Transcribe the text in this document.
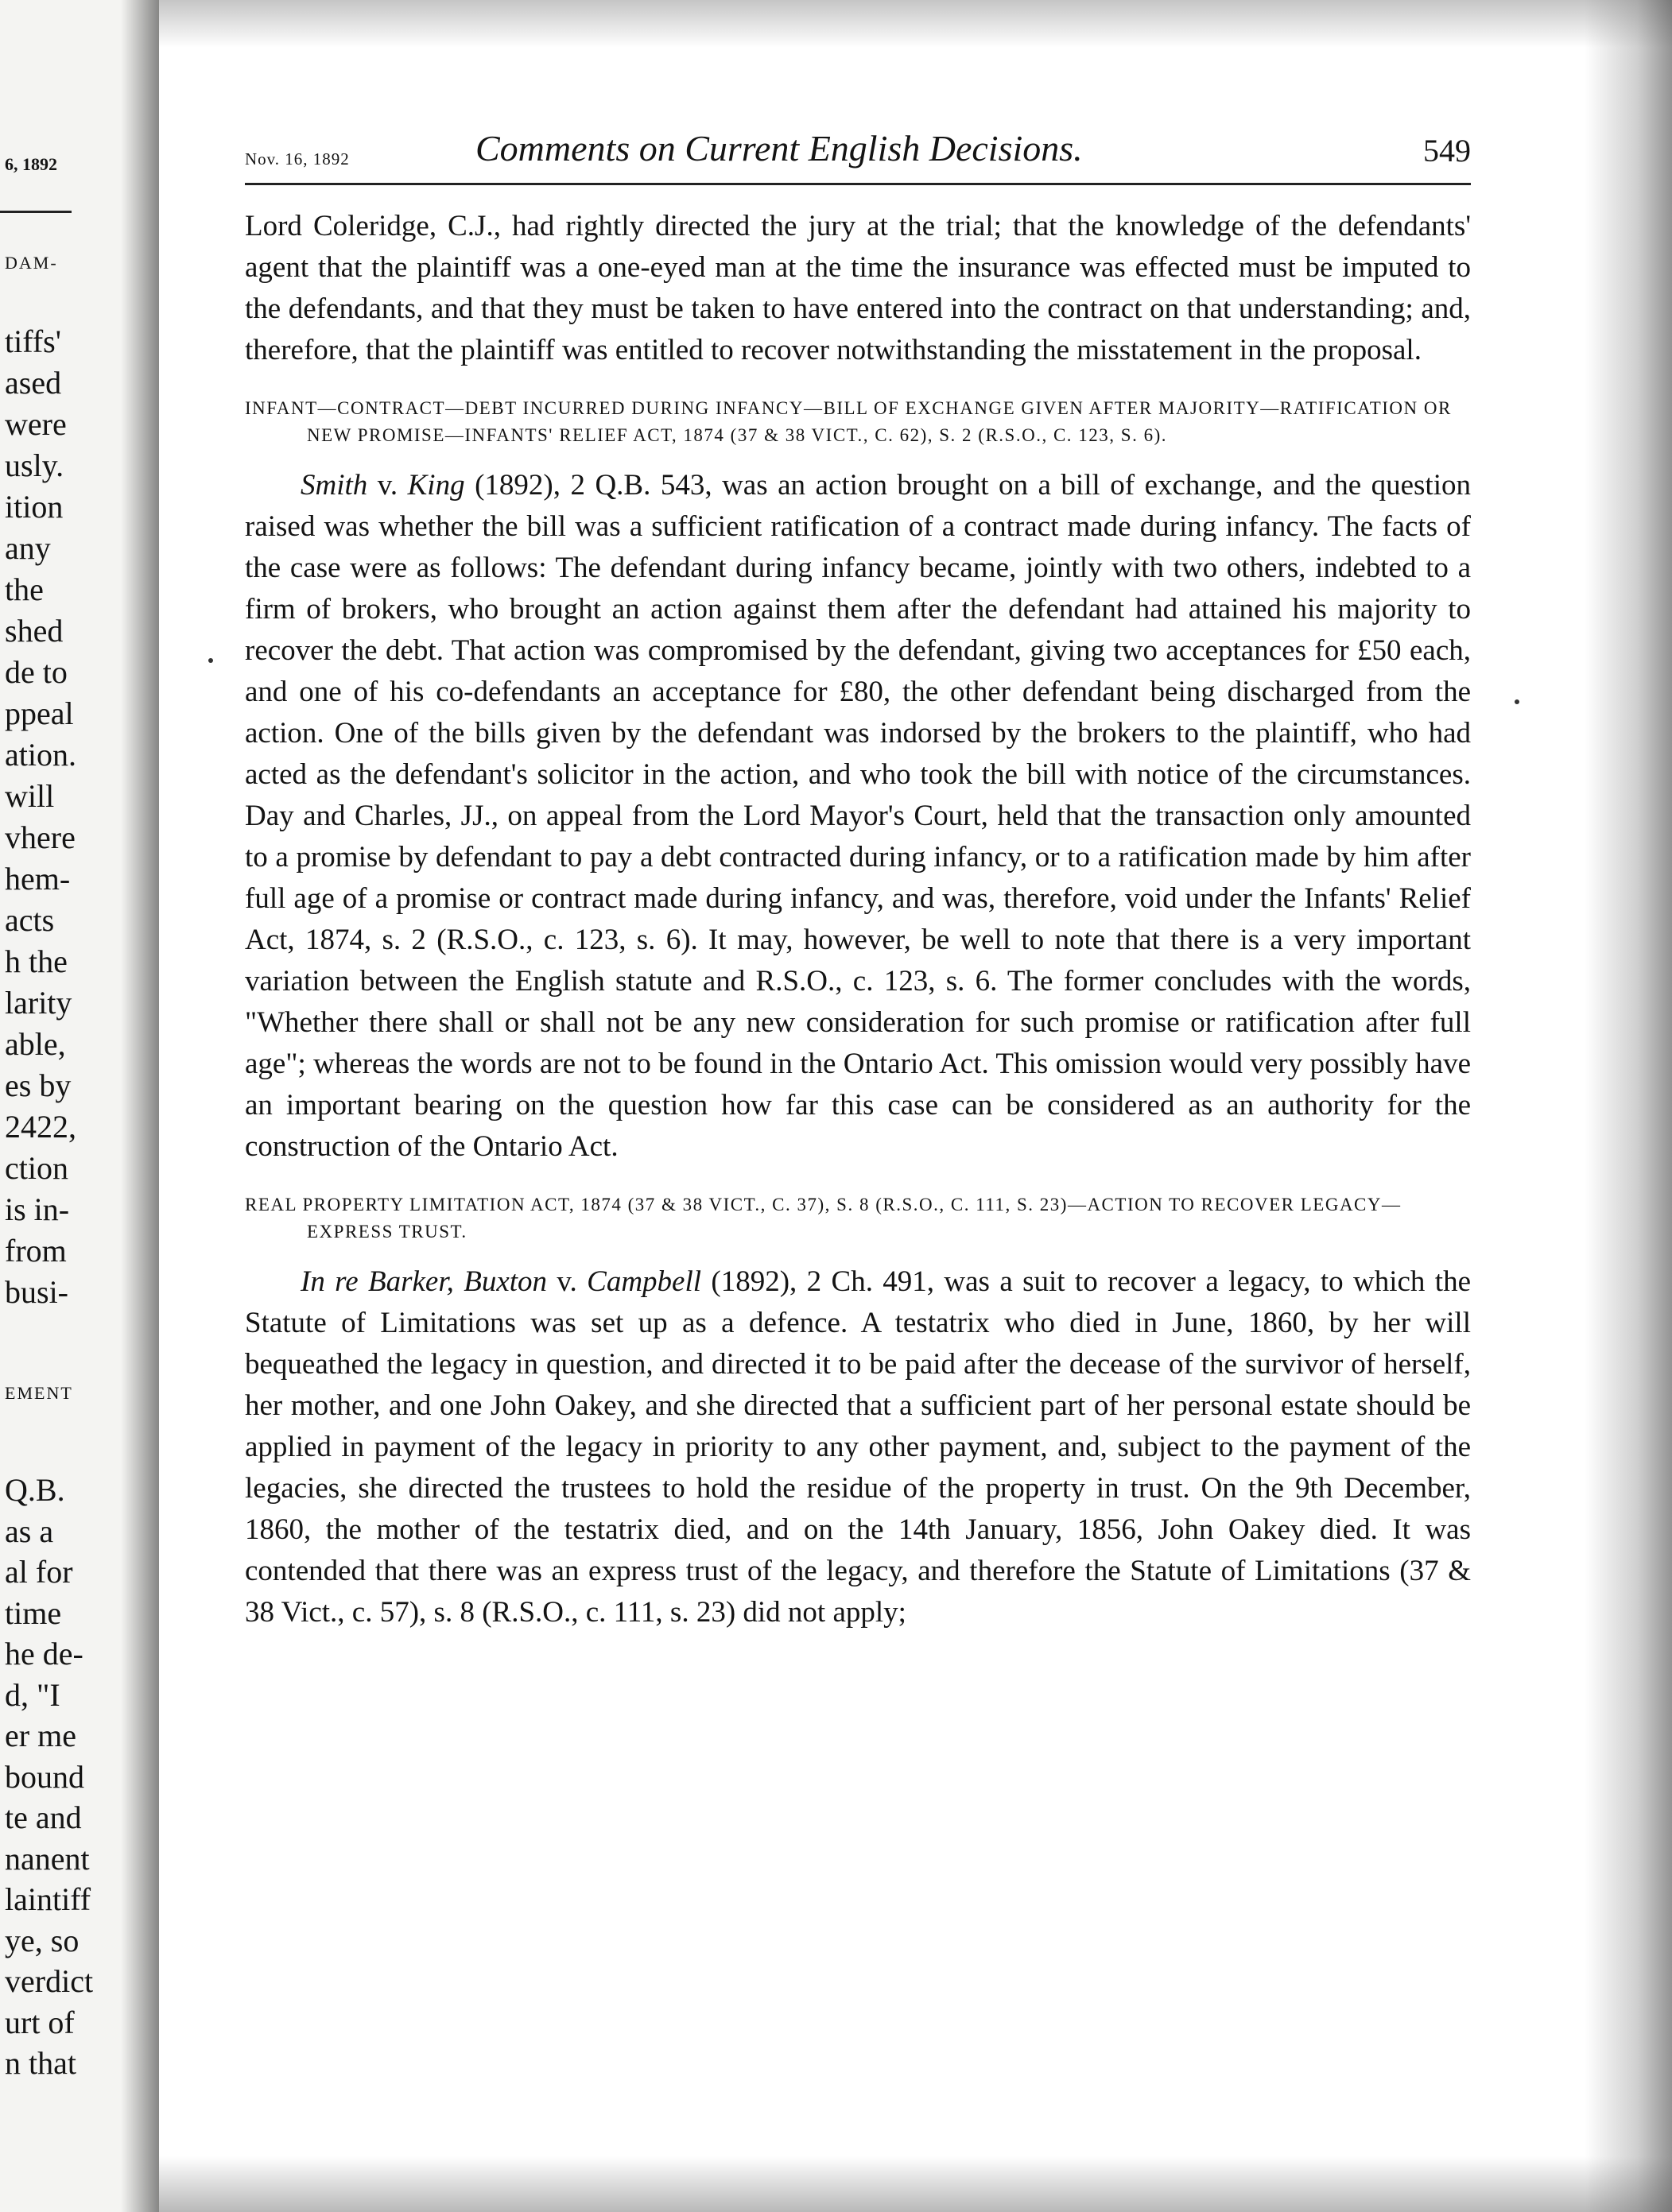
6, 1892
DAM-
tiffs'
ased
were
usly.
ition
any
the
shed
de to
ppeal
ation.
will
vhere
hem-
acts
h the
larity
able,
es by
2422,
ction
is in-
from
busi-
EMENT
Q.B.
as a
al for
time
he de-
d, "I
er me
bound
te and
nanent
laintiff
ye, so
verdict
urt of
n that
Nov. 16, 1892	Comments on Current English Decisions.	549

Lord Coleridge, C.J., had rightly directed the jury at the trial; that the knowledge of the defendants' agent that the plaintiff was a one-eyed man at the time the insurance was effected must be imputed to the defendants, and that they must be taken to have entered into the contract on that understanding; and, therefore, that the plaintiff was entitled to recover notwithstanding the misstatement in the proposal.

INFANT—CONTRACT—DEBT INCURRED DURING INFANCY—BILL OF EXCHANGE GIVEN AFTER MAJORITY—RATIFICATION OR NEW PROMISE—INFANTS' RELIEF ACT, 1874 (37 & 38 VICT., C. 62), S. 2 (R.S.O., C. 123, S. 6).

Smith v. King (1892), 2 Q.B. 543, was an action brought on a bill of exchange, and the question raised was whether the bill was a sufficient ratification of a contract made during infancy. The facts of the case were as follows: The defendant during infancy became, jointly with two others, indebted to a firm of brokers, who brought an action against them after the defendant had attained his majority to recover the debt. That action was compromised by the defendant, giving two acceptances for £50 each, and one of his co-defendants an acceptance for £80, the other defendant being discharged from the action. One of the bills given by the defendant was indorsed by the brokers to the plaintiff, who had acted as the defendant's solicitor in the action, and who took the bill with notice of the circumstances. Day and Charles, JJ., on appeal from the Lord Mayor's Court, held that the transaction only amounted to a promise by defendant to pay a debt contracted during infancy, or to a ratification made by him after full age of a promise or contract made during infancy, and was, therefore, void under the Infants' Relief Act, 1874, s. 2 (R.S.O., c. 123, s. 6). It may, however, be well to note that there is a very important variation between the English statute and R.S.O., c. 123, s. 6. The former concludes with the words, "Whether there shall or shall not be any new consideration for such promise or ratification after full age"; whereas the words are not to be found in the Ontario Act. This omission would very possibly have an important bearing on the question how far this case can be considered as an authority for the construction of the Ontario Act.

REAL PROPERTY LIMITATION ACT, 1874 (37 & 38 VICT., C. 37), S. 8 (R.S.O., C. 111, S. 23)—ACTION TO RECOVER LEGACY—EXPRESS TRUST.

In re Barker, Buxton v. Campbell (1892), 2 Ch. 491, was a suit to recover a legacy, to which the Statute of Limitations was set up as a defence. A testatrix who died in June, 1860, by her will bequeathed the legacy in question, and directed it to be paid after the decease of the survivor of herself, her mother, and one John Oakey, and she directed that a sufficient part of her personal estate should be applied in payment of the legacy in priority to any other payment, and, subject to the payment of the legacies, she directed the trustees to hold the residue of the property in trust. On the 9th December, 1860, the mother of the testatrix died, and on the 14th January, 1856, John Oakey died. It was contended that there was an express trust of the legacy, and therefore the Statute of Limitations (37 & 38 Vict., c. 57), s. 8 (R.S.O., c. 111, s. 23) did not apply;
